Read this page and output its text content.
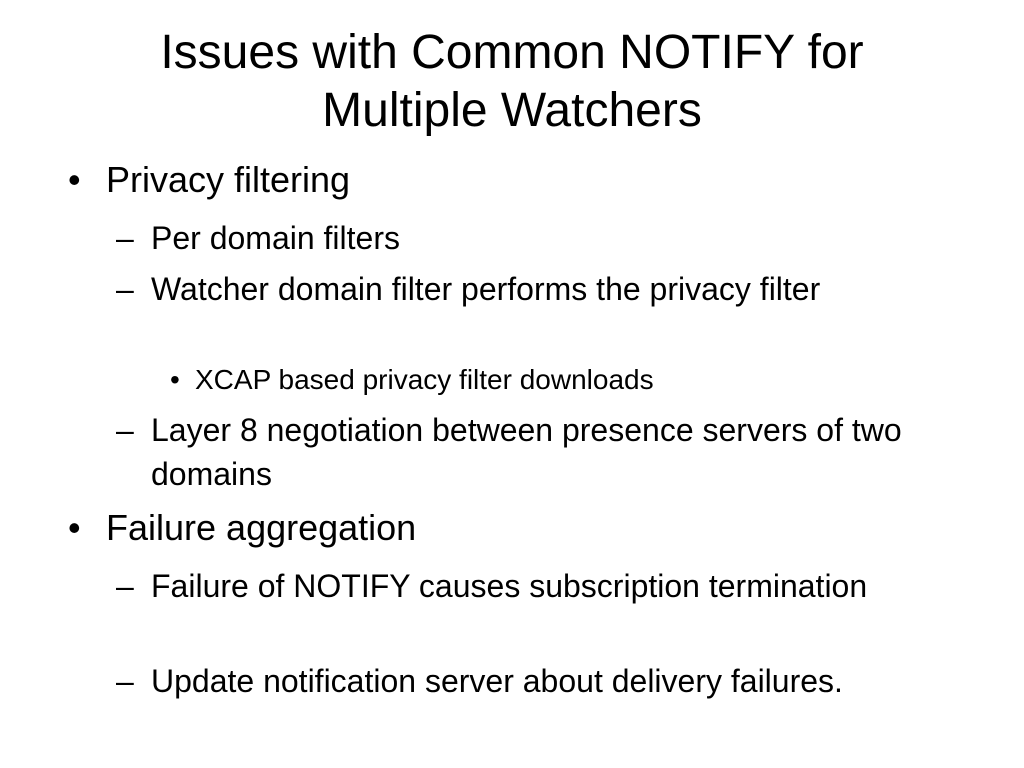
Issues with Common NOTIFY for
Multiple Watchers
• Privacy filtering
– Per domain filters
– Watcher domain filter performs the privacy filter
• XCAP based privacy filter downloads
– Layer 8 negotiation between presence servers of two domains
• Failure aggregation
– Failure of NOTIFY causes subscription termination
– Update notification server about delivery failures.
